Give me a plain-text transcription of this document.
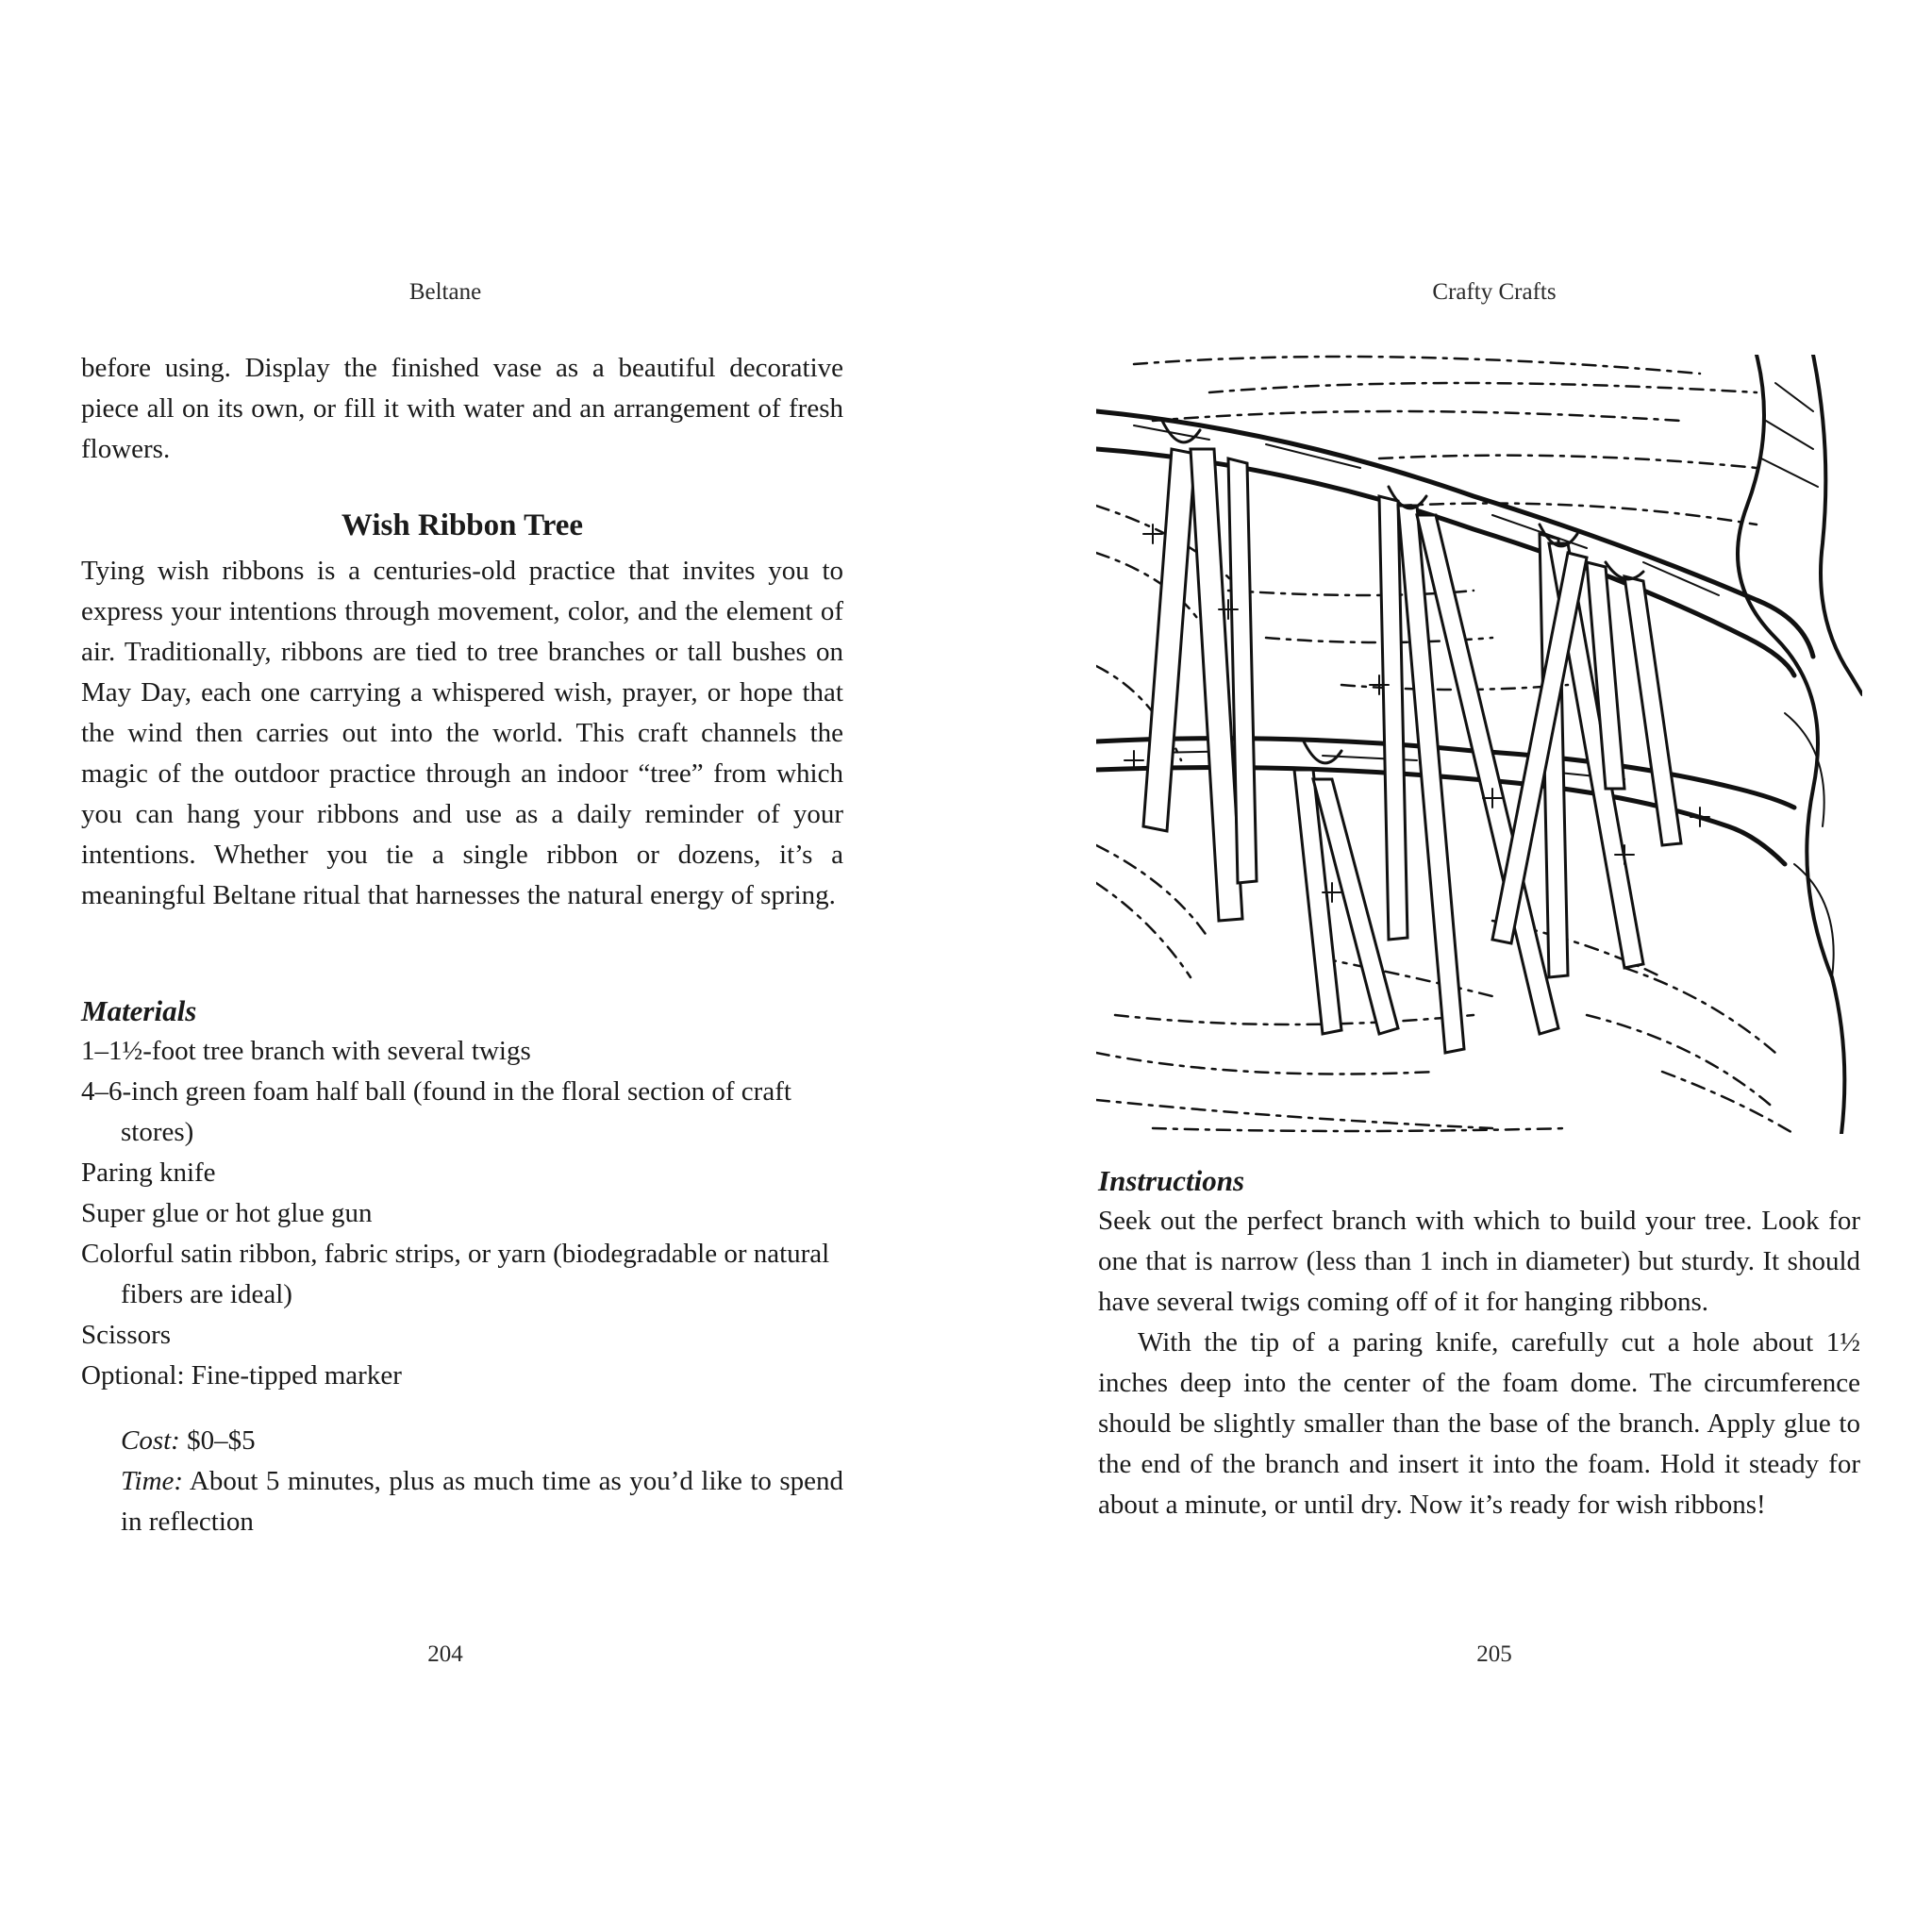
Beltane

before using. Display the finished vase as a beautiful decorative piece all on its own, or fill it with water and an arrangement of fresh flowers.

Wish Ribbon Tree

Tying wish ribbons is a centuries-old practice that invites you to express your intentions through movement, color, and the element of air. Traditionally, ribbons are tied to tree branches or tall bushes on May Day, each one carrying a whispered wish, prayer, or hope that the wind then carries out into the world. This craft channels the magic of the outdoor practice through an indoor “tree” from which you can hang your ribbons and use as a daily reminder of your intentions. Whether you tie a single ribbon or dozens, it’s a meaningful Beltane ritual that harnesses the natural energy of spring.

Materials
1–1½-foot tree branch with several twigs
4–6-inch green foam half ball (found in the floral section of craft stores)
Paring knife
Super glue or hot glue gun
Colorful satin ribbon, fabric strips, or yarn (biodegradable or natural fibers are ideal)
Scissors
Optional: Fine-tipped marker

Cost: $0–$5

Time: About 5 minutes, plus as much time as you’d like to spend in reflection

204
Crafty Crafts
205
Instructions

Seek out the perfect branch with which to build your tree. Look for one that is narrow (less than 1 inch in diameter) but sturdy. It should have several twigs coming off of it for hanging ribbons.

With the tip of a paring knife, carefully cut a hole about 1½ inches deep into the center of the foam dome. The circumference should be slightly smaller than the base of the branch. Apply glue to the end of the branch and insert it into the foam. Hold it steady for about a minute, or until dry. Now it’s ready for wish ribbons!
